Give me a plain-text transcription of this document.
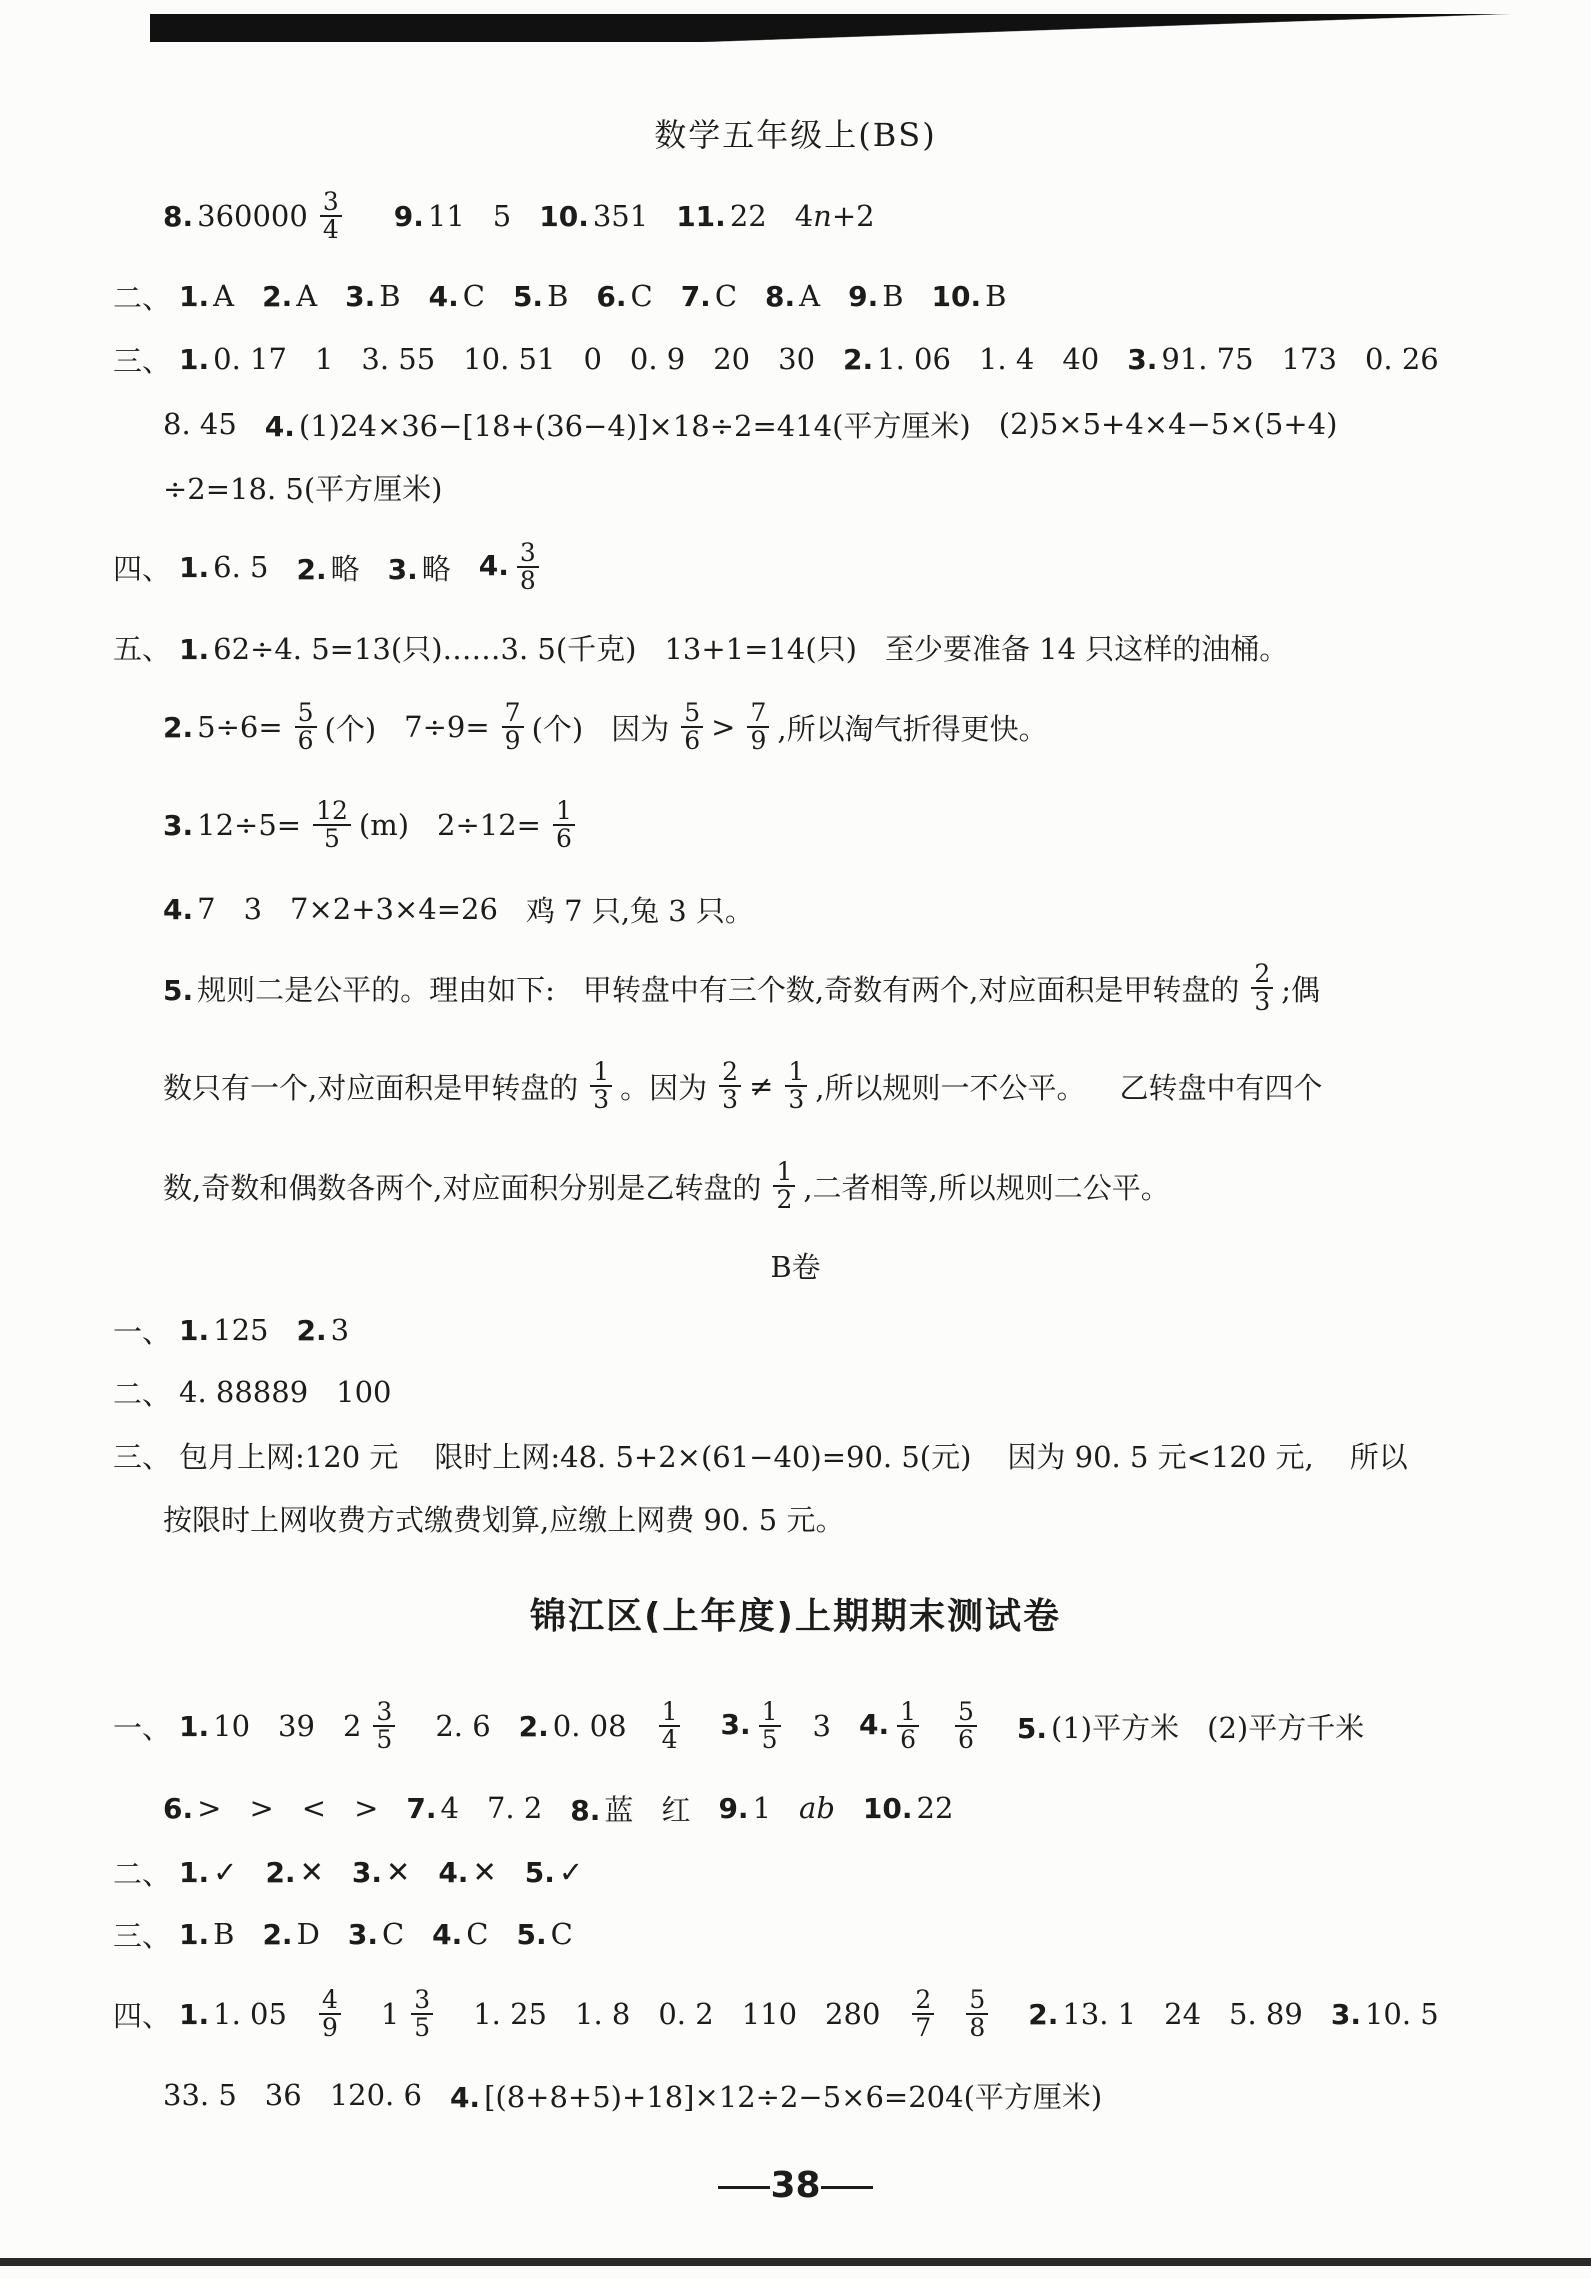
数学五年级上(BS)
8. $360000 \frac{3}{4} 9$. 11 5 10. 351 11. 22 4n+2
二、 1. A 2. A 3. B 4. C 5. B 6. C 7. C 8. A 9. B 10. B
三、 1. 0. 17 1 3. 55 10. 51 0 0. 9 20 30 2. 1. 06 1. 4 40 3. 91. 75 173 0. 26
8. 45 4. (1)24×36−[18+(36−4)]×18÷2=414(平方厘米) (2)5×5+4×4−5×(5+4)
÷2=18. 5(平方厘米)
四、 1. 6. 5 2. 略 3. 略 4. $\frac{3}{8}$
五、 1. 62÷4. 5=13(只)……3. 5(千克) 13+1=14(只) 至少要准备 14 只这样的油桶。
2. $5\div 6= \frac{5}{6}$ (个) $7\div 9= \frac{7}{9}$ (个) 因为 $\frac{5}{6} > \frac{7}{9}$ ,所以淘气折得更快。
3. $12\div 5= \frac{12}{5} (m)$ $2\div 12= \frac{1}{6}$
4. 7 3 7×2+3×4=26 鸡 7 只,兔 3 只。
5. 规则二是公平的。理由如下: 甲转盘中有三个数,奇数有两个,对应面积是甲转盘的 $\frac{2}{3}$ ;偶
数只有一个,对应面积是甲转盘的 $\frac{1}{3}$ 。因为 $\frac{2}{3} \ne \frac{1}{3}$ ,所以规则一不公平。 乙转盘中有四个
数,奇数和偶数各两个,对应面积分别是乙转盘的 $\frac{1}{2}$ ,二者相等,所以规则二公平。
B卷
一、 1. 125 2. 3
二、 4. 88889 100
三、 包月上网:120 元 限时上网:48. 5+2×(61−40)=90. 5(元) 因为 90. 5 元<120 元, 所以
按限时上网收费方式缴费划算,应缴上网费 90. 5 元。
锦江区(上年度)上期期末测试卷
一、 1. 10 39 $2 \frac{3}{5} 2$. 6 2. 0. $08 \frac{1}{4} 3$. $\frac{1}{5} 3$ 4. $\frac{1}{6} \frac{5}{6} 5$. (1)平方米 (2)平方千米
6. > > < > 7. 4 7. 2 8. 蓝 红 9. 1 ab 10. 22
二、 1. ✓ 2. ✕ 3. ✕ 4. ✕ 5. ✓
三、 1. B 2. D 3. C 4. C 5. C
四、 1. 1. $05 \frac{4}{9} 1 \frac{3}{5} 1$. 25 1. 8 0. 2 110 $280 \frac{2}{7} \frac{5}{8} 2$. 13. 1 24 5. 89 3. 10. 5
33. 5 36 120. 6 4. [(8+8+5)+18]×12÷2−5×6=204(平方厘米)
38
